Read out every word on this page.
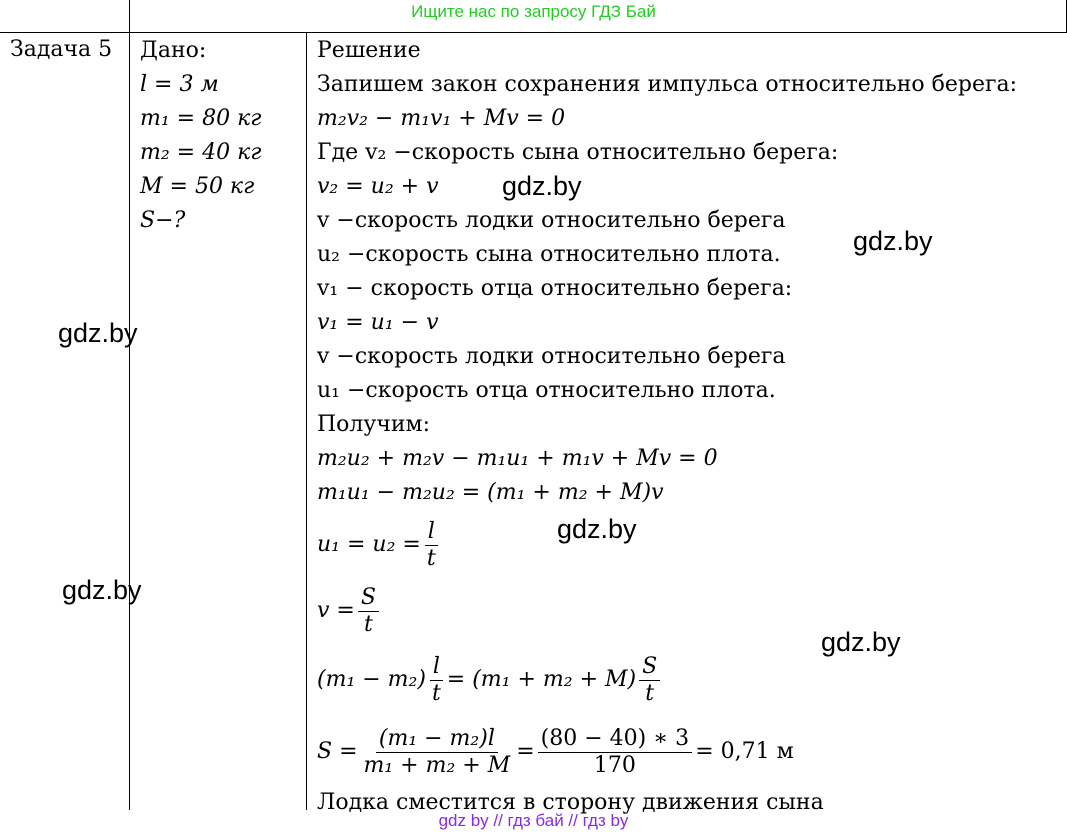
Ищите нас по запросу ГДЗ Бай
Задача 5 Дано:
l = 3 м
m₁ = 80 кг
m₂ = 40 кг
M = 50 кг
S−?
Решение
Запишем закон сохранения импульса относительно берега:
m₂v₂ − m₁v₁ + Mv = 0
Где v₂ −скорость сына относительно берега:
v₂ = u₂ + v
v −скорость лодки относительно берега
u₂ −скорость сына относительно плота.
v₁ − скорость отца относительно берега:
v₁ = u₁ − v
v −скорость лодки относительно берега
u₁ −скорость отца относительно плота.
Получим:
m₂u₂ + m₂v − m₁u₁ + m₁v + Mv = 0
m₁u₁ − m₂u₂ = (m₁ + m₂ + M)v
$u_1 = u_2 = \frac{l}{t}$
$v = \frac{S}{t}$
$(m_1 - m_2) \frac{l}{t} = (m_1 + m_2 + M) \frac{S}{t}$
$S = \frac{\text{(m₁ − m₂)l}}{\text{m₁ + m₂ + M}} = \frac{(80 - 40) ∗ 3}{170} = 0,71$ м
Лодка сместится в сторону движения сына
gdz.by
gdz.by
gdz.by
gdz.by
gdz.by
gdz.by
gdz by // гдз бай // гдз by
